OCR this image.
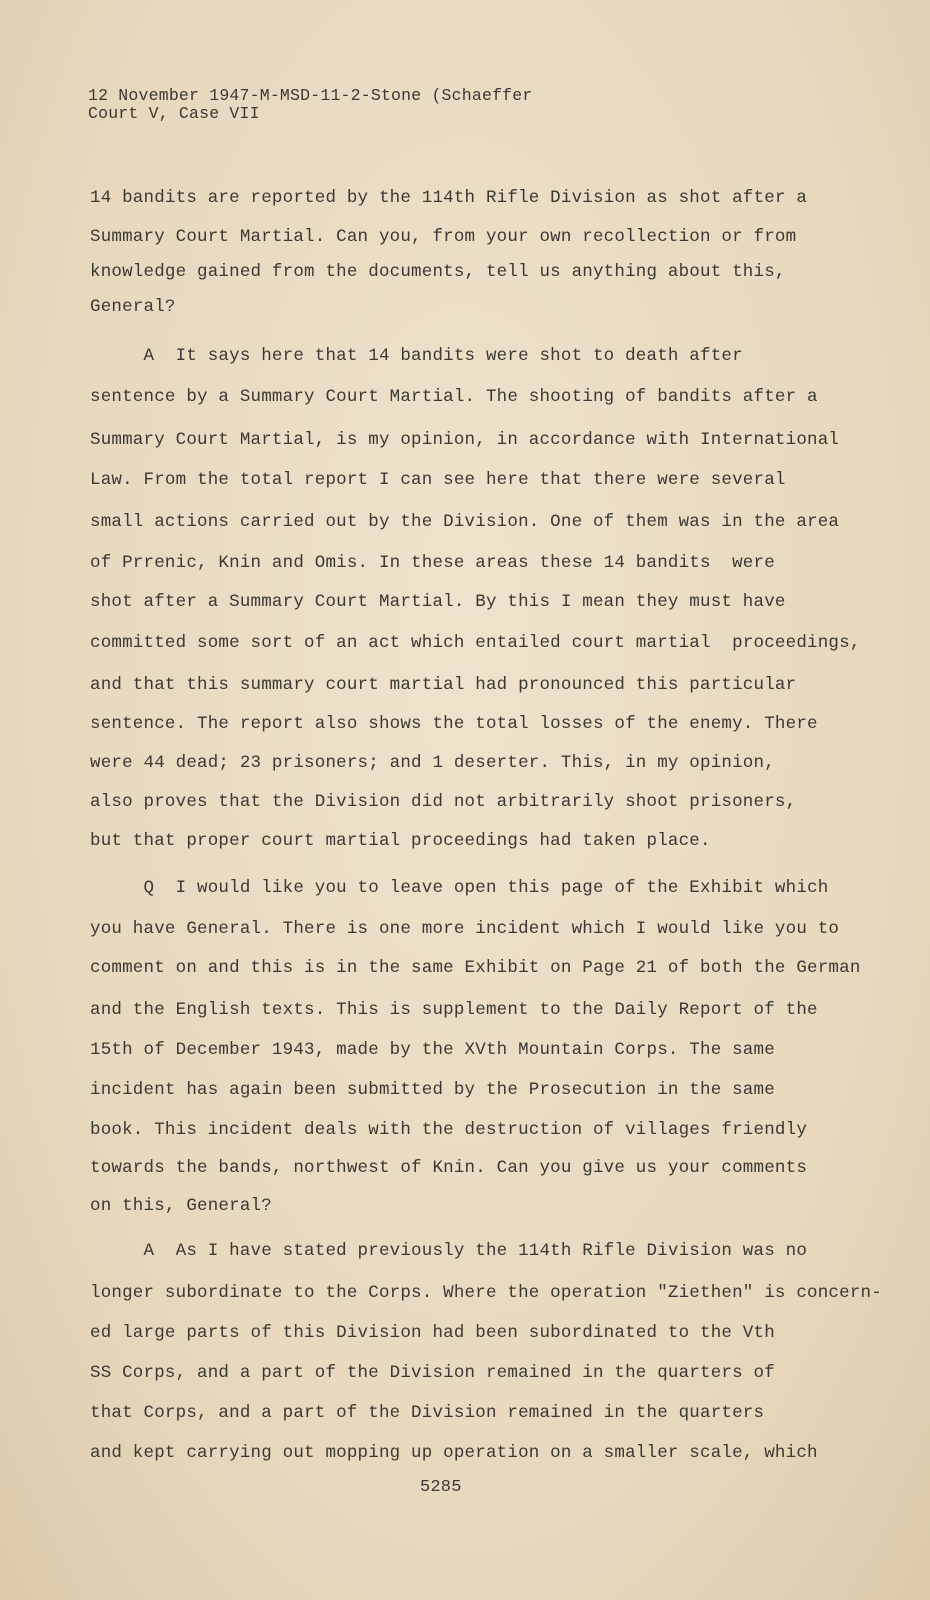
12 November 1947-M-MSD-11-2-Stone (Schaeffer
Court V, Case VII
14 bandits are reported by the 114th Rifle Division as shot after a
Summary Court Martial. Can you, from your own recollection or from
knowledge gained from the documents, tell us anything about this,
General?
A  It says here that 14 bandits were shot to death after
sentence by a Summary Court Martial. The shooting of bandits after a
Summary Court Martial, is my opinion, in accordance with International
Law. From the total report I can see here that there were several
small actions carried out by the Division. One of them was in the area
of Prrenic, Knin and Omis. In these areas these 14 bandits  were
shot after a Summary Court Martial. By this I mean they must have
committed some sort of an act which entailed court martial  proceedings,
and that this summary court martial had pronounced this particular
sentence. The report also shows the total losses of the enemy. There
were 44 dead; 23 prisoners; and 1 deserter. This, in my opinion,
also proves that the Division did not arbitrarily shoot prisoners,
but that proper court martial proceedings had taken place.
Q  I would like you to leave open this page of the Exhibit which
you have General. There is one more incident which I would like you to
comment on and this is in the same Exhibit on Page 21 of both the German
and the English texts. This is supplement to the Daily Report of the
15th of December 1943, made by the XVth Mountain Corps. The same
incident has again been submitted by the Prosecution in the same
book. This incident deals with the destruction of villages friendly
towards the bands, northwest of Knin. Can you give us your comments
on this, General?
A  As I have stated previously the 114th Rifle Division was no
longer subordinate to the Corps. Where the operation "Ziethen" is concern-
ed large parts of this Division had been subordinated to the Vth
SS Corps, and a part of the Division remained in the quarters of
that Corps, and a part of the Division remained in the quarters
and kept carrying out mopping up operation on a smaller scale, which
5285
